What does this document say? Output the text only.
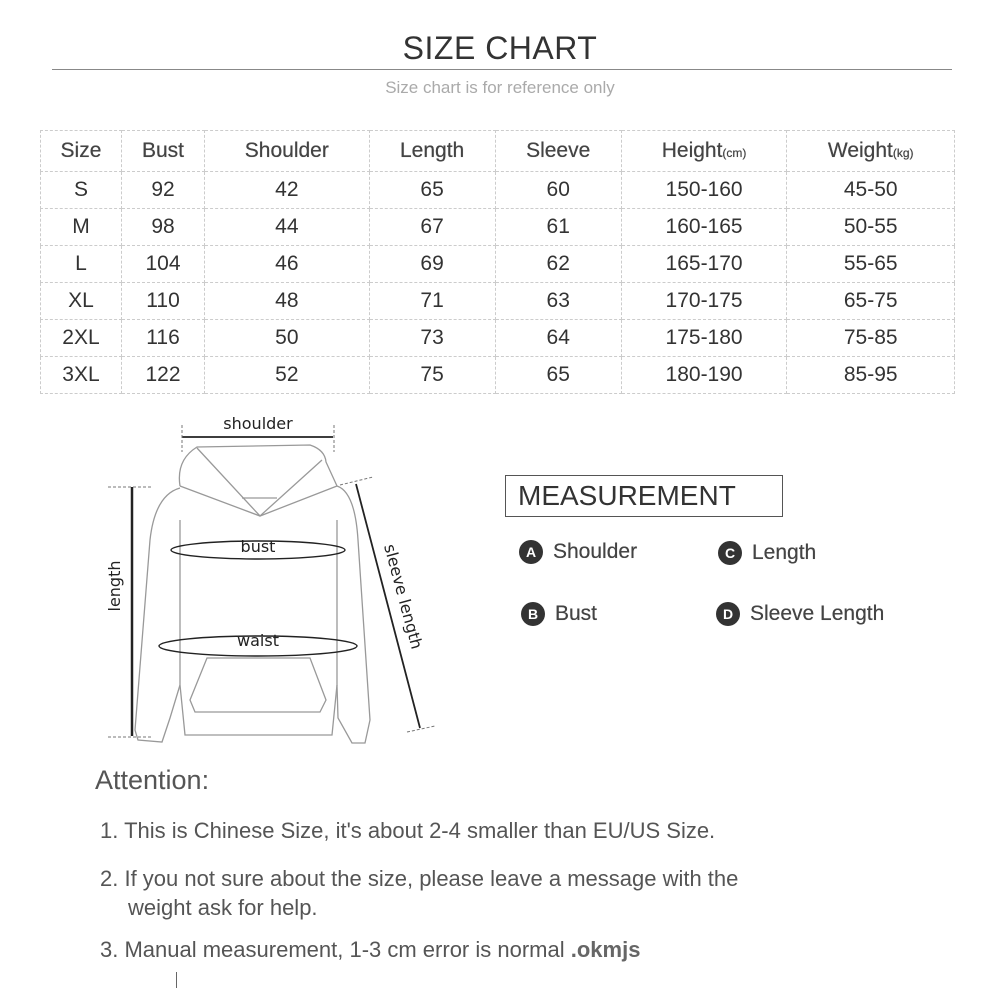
SIZE CHART
Size chart is for reference only
Size	Bust	Shoulder	Length	Sleeve	Height(cm)	Weight(kg)
S	92	42	65	60	150-160	45-50
M	98	44	67	61	160-165	50-55
L	104	46	69	62	165-170	55-65
XL	110	48	71	63	170-175	65-75
2XL	116	50	73	64	175-180	75-85
3XL	122	52	75	65	180-190	85-95
shoulder
bust
waist
length	sleeve length
MEASUREMENT
A Shoulder
B Bust
C Length
D Sleeve Length
Attention:
1. This is Chinese Size, it's about 2-4 smaller than EU/US Size.
2. If you not sure about the size, please leave a message with the
weight ask for help.
3. Manual measurement, 1-3 cm error is normal .okmjs
